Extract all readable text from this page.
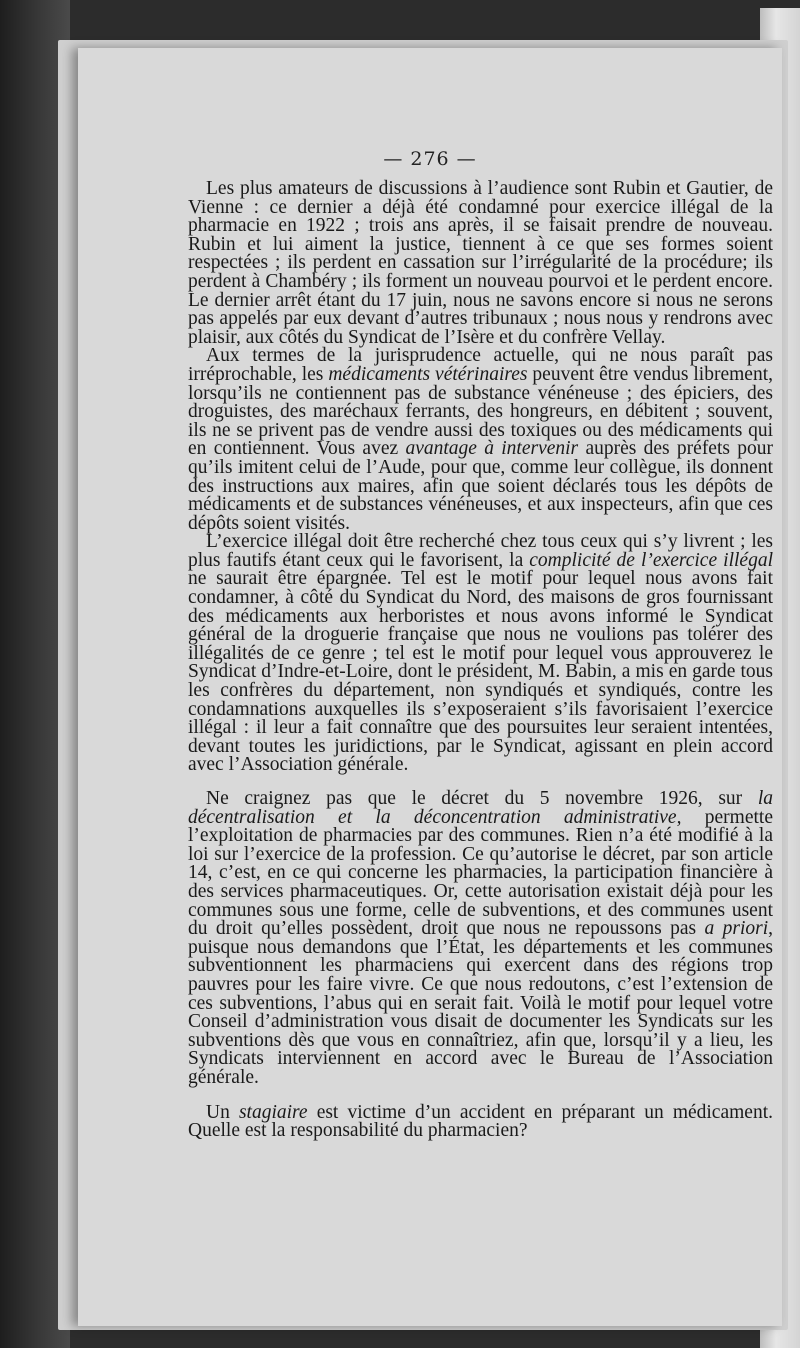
— 276 —

Les plus amateurs de discussions à l’audience sont Rubin et Gautier, de Vienne : ce dernier a déjà été condamné pour exercice illégal de la pharmacie en 1922 ; trois ans après, il se faisait prendre de nouveau. Rubin et lui aiment la justice, tiennent à ce que ses formes soient respectées ; ils perdent en cassation sur l’irrégularité de la procédure; ils perdent à Chambéry ; ils forment un nouveau pourvoi et le perdent encore. Le dernier arrêt étant du 17 juin, nous ne savons encore si nous ne serons pas appelés par eux devant d’autres tribunaux ; nous nous y rendrons avec plaisir, aux côtés du Syndicat de l’Isère et du confrère Vellay.

Aux termes de la jurisprudence actuelle, qui ne nous paraît pas irréprochable, les médicaments vétérinaires peuvent être vendus librement, lorsqu’ils ne contiennent pas de substance vénéneuse ; des épiciers, des droguistes, des maréchaux ferrants, des hongreurs, en débitent ; souvent, ils ne se privent pas de vendre aussi des toxiques ou des médicaments qui en contiennent. Vous avez avantage à intervenir auprès des préfets pour qu’ils imitent celui de l’Aude, pour que, comme leur collègue, ils donnent des instructions aux maires, afin que soient déclarés tous les dépôts de médicaments et de substances vénéneuses, et aux inspecteurs, afin que ces dépôts soient visités.

L’exercice illégal doit être recherché chez tous ceux qui s’y livrent ; les plus fautifs étant ceux qui le favorisent, la complicité de l’exercice illégal ne saurait être épargnée. Tel est le motif pour lequel nous avons fait condamner, à côté du Syndicat du Nord, des maisons de gros fournissant des médicaments aux herboristes et nous avons informé le Syndicat général de la droguerie française que nous ne voulions pas tolérer des illégalités de ce genre ; tel est le motif pour lequel vous approuverez le Syndicat d’Indre-et-Loire, dont le président, M. Babin, a mis en garde tous les confrères du département, non syndiqués et syndiqués, contre les condamnations auxquelles ils s’exposeraient s’ils favorisaient l’exercice illégal : il leur a fait connaître que des poursuites leur seraient intentées, devant toutes les juridictions, par le Syndicat, agissant en plein accord avec l’Association générale.

Ne craignez pas que le décret du 5 novembre 1926, sur la décentralisation et la déconcentration administrative, permette l’exploitation de pharmacies par des communes. Rien n’a été modifié à la loi sur l’exercice de la profession. Ce qu’autorise le décret, par son article 14, c’est, en ce qui concerne les pharmacies, la participation financière à des services pharmaceutiques. Or, cette autorisation existait déjà pour les communes sous une forme, celle de subventions, et des communes usent du droit qu’elles possèdent, droit que nous ne repoussons pas a priori, puisque nous demandons que l’État, les départements et les communes subventionnent les pharmaciens qui exercent dans des régions trop pauvres pour les faire vivre. Ce que nous redoutons, c’est l’extension de ces subventions, l’abus qui en serait fait. Voilà le motif pour lequel votre Conseil d’administration vous disait de documenter les Syndicats sur les subventions dès que vous en connaîtriez, afin que, lorsqu’il y a lieu, les Syndicats interviennent en accord avec le Bureau de l’Association générale.

Un stagiaire est victime d’un accident en préparant un médicament. Quelle est la responsabilité du pharmacien?
